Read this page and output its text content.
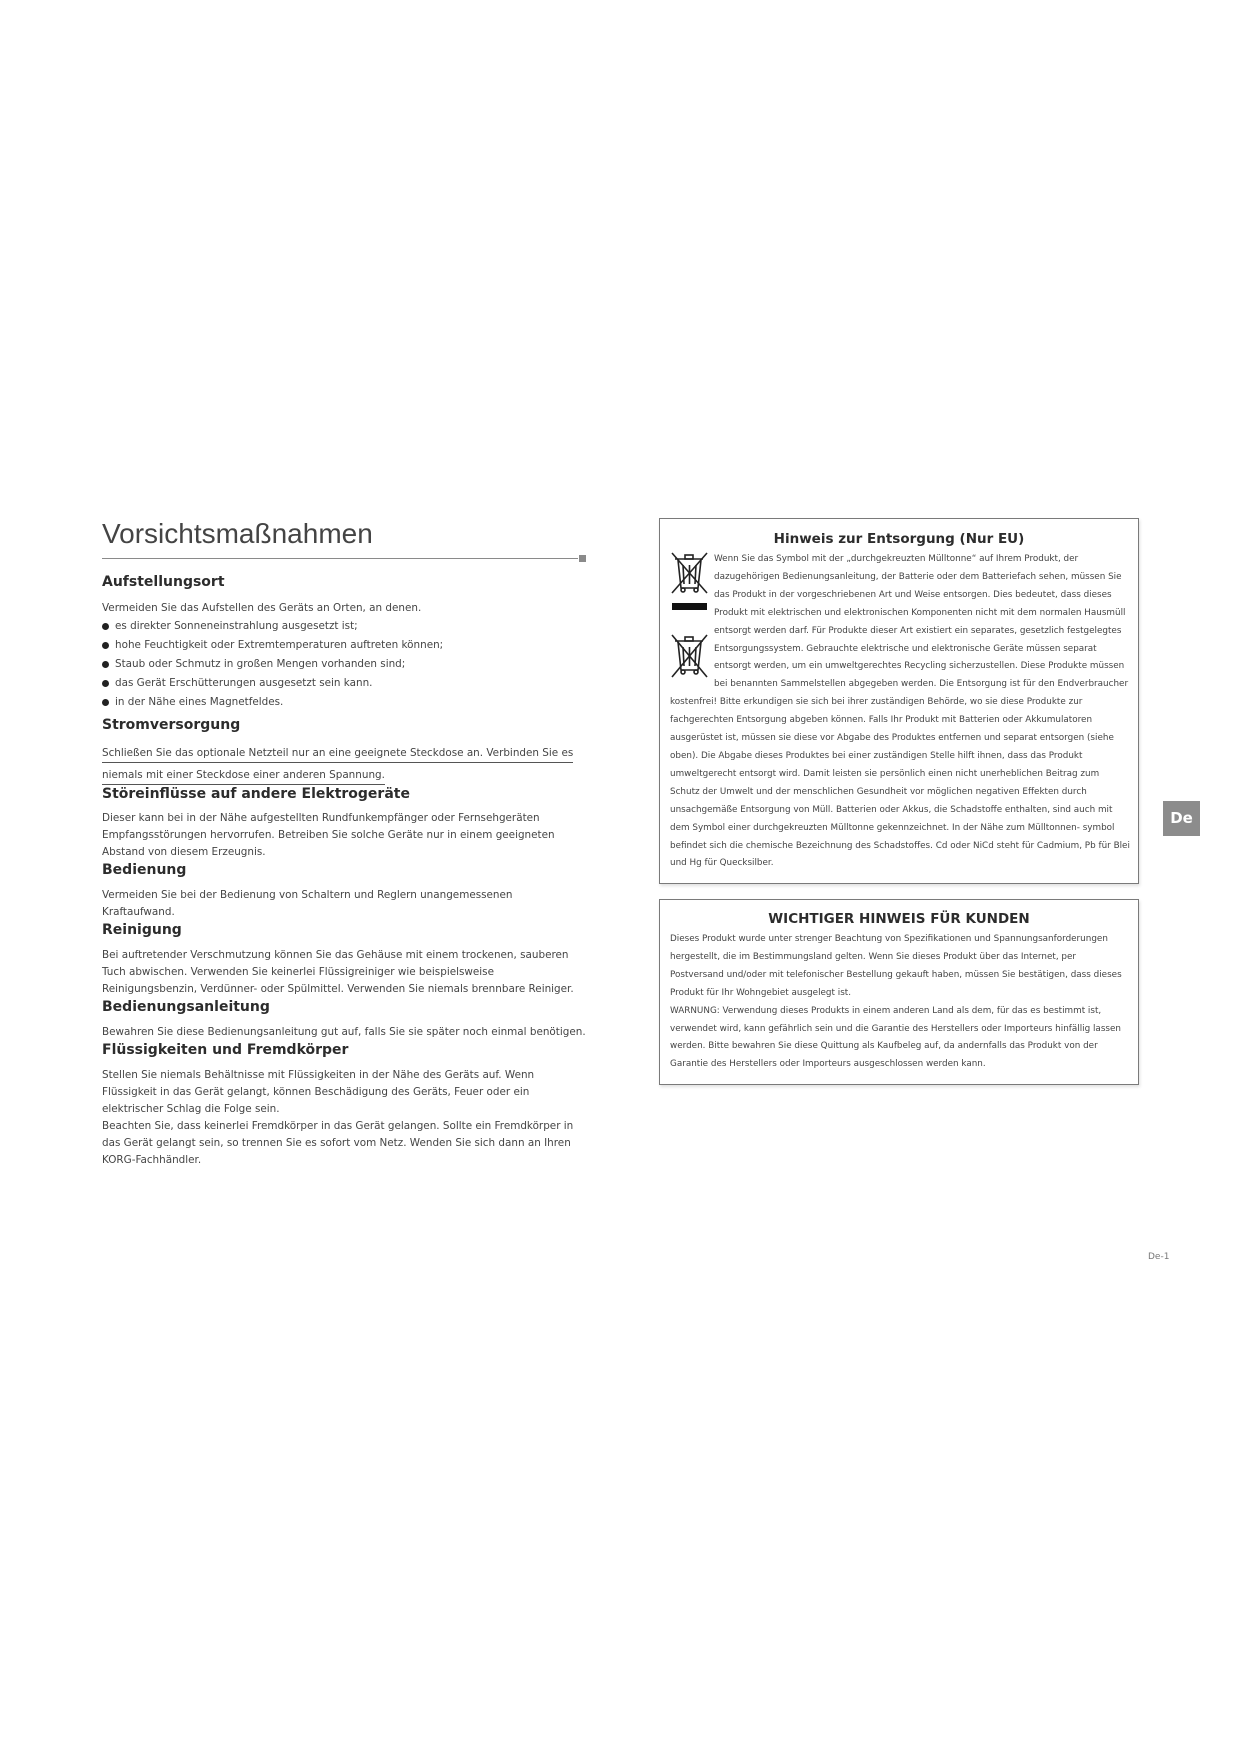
Vorsichtsmaßnahmen
Aufstellungsort

Vermeiden Sie das Aufstellen des Geräts an Orten, an denen.

es direkter Sonneneinstrahlung ausgesetzt ist;
hohe Feuchtigkeit oder Extremtemperaturen auftreten können;
Staub oder Schmutz in großen Mengen vorhanden sind;
das Gerät Erschütterungen ausgesetzt sein kann.
in der Nähe eines Magnetfeldes.
Stromversorgung
Schließen Sie das optionale Netzteil nur an eine geeignete Steckdose an. Verbinden Sie es
niemals mit einer Steckdose einer anderen Spannung.
Störeinflüsse auf andere Elektrogeräte

Dieser kann bei in der Nähe aufgestellten Rundfunkempfänger oder Fernsehgeräten Empfangsstörungen hervorrufen. Betreiben Sie solche Geräte nur in einem geeigneten Abstand von diesem Erzeugnis.

Bedienung

Vermeiden Sie bei der Bedienung von Schaltern und Reglern unangemessenen Kraftaufwand.

Reinigung

Bei auftretender Verschmutzung können Sie das Gehäuse mit einem trockenen, sauberen Tuch abwischen. Verwenden Sie keinerlei Flüssigreiniger wie beispielsweise Reinigungsbenzin, Verdünner- oder Spülmittel. Verwenden Sie niemals brennbare Reiniger.

Bedienungsanleitung

Bewahren Sie diese Bedienungsanleitung gut auf, falls Sie sie später noch einmal benötigen.

Flüssigkeiten und Fremdkörper

Stellen Sie niemals Behältnisse mit Flüssigkeiten in der Nähe des Geräts auf. Wenn Flüssigkeit in das Gerät gelangt, können Beschädigung des Geräts, Feuer oder ein elektrischer Schlag die Folge sein.

Beachten Sie, dass keinerlei Fremdkörper in das Gerät gelangen. Sollte ein Fremdkörper in das Gerät gelangt sein, so trennen Sie es sofort vom Netz. Wenden Sie sich dann an Ihren KORG-Fachhändler.

Hinweis zur Entsorgung (Nur EU)
Wenn Sie das Symbol mit der „durchgekreuzten Mülltonne“ auf Ihrem Produkt, der dazugehörigen Bedienungsanleitung, der Batterie oder dem Batteriefach sehen, müssen Sie das Produkt in der vorgeschriebenen Art und Weise entsorgen. Dies bedeutet, dass dieses Produkt mit elektrischen und elektronischen Komponenten nicht mit dem normalen Hausmüll entsorgt werden darf. Für Produkte dieser Art existiert ein separates, gesetzlich festgelegtes Entsorgungssystem. Gebrauchte elektrische und elektronische Geräte müssen separat entsorgt werden, um ein umweltgerechtes Recycling sicherzustellen. Diese Produkte müssen bei benannten Sammelstellen abgegeben werden. Die Entsorgung ist für den Endverbraucher kostenfrei! Bitte erkundigen sie sich bei ihrer zuständigen Behörde, wo sie diese Produkte zur fachgerechten Entsorgung abgeben können. Falls Ihr Produkt mit Batterien oder Akkumulatoren ausgerüstet ist, müssen sie diese vor Abgabe des Produktes entfernen und separat entsorgen (siehe oben). Die Abgabe dieses Produktes bei einer zuständigen Stelle hilft ihnen, dass das Produkt umweltgerecht entsorgt wird. Damit leisten sie persönlich einen nicht unerheblichen Beitrag zum Schutz der Umwelt und der menschlichen Gesundheit vor möglichen negativen Effekten durch unsachgemäße Entsorgung von Müll. Batterien oder Akkus, die Schadstoffe enthalten, sind auch mit dem Symbol einer durchgekreuzten Mülltonne gekennzeichnet. In der Nähe zum Mülltonnen- symbol befindet sich die chemische Bezeichnung des Schadstoffes. Cd oder NiCd steht für Cadmium, Pb für Blei und Hg für Quecksilber.
WICHTIGER HINWEIS FÜR KUNDEN
Dieses Produkt wurde unter strenger Beachtung von Spezifikationen und Spannungsanforderungen hergestellt, die im Bestimmungsland gelten. Wenn Sie dieses Produkt über das Internet, per Postversand und/oder mit telefonischer Bestellung gekauft haben, müssen Sie bestätigen, dass dieses Produkt für Ihr Wohngebiet ausgelegt ist.
WARNUNG: Verwendung dieses Produkts in einem anderen Land als dem, für das es bestimmt ist, verwendet wird, kann gefährlich sein und die Garantie des Herstellers oder Importeurs hinfällig lassen werden. Bitte bewahren Sie diese Quittung als Kaufbeleg auf, da andernfalls das Produkt von der Garantie des Herstellers oder Importeurs ausgeschlossen werden kann.
De
De-1
